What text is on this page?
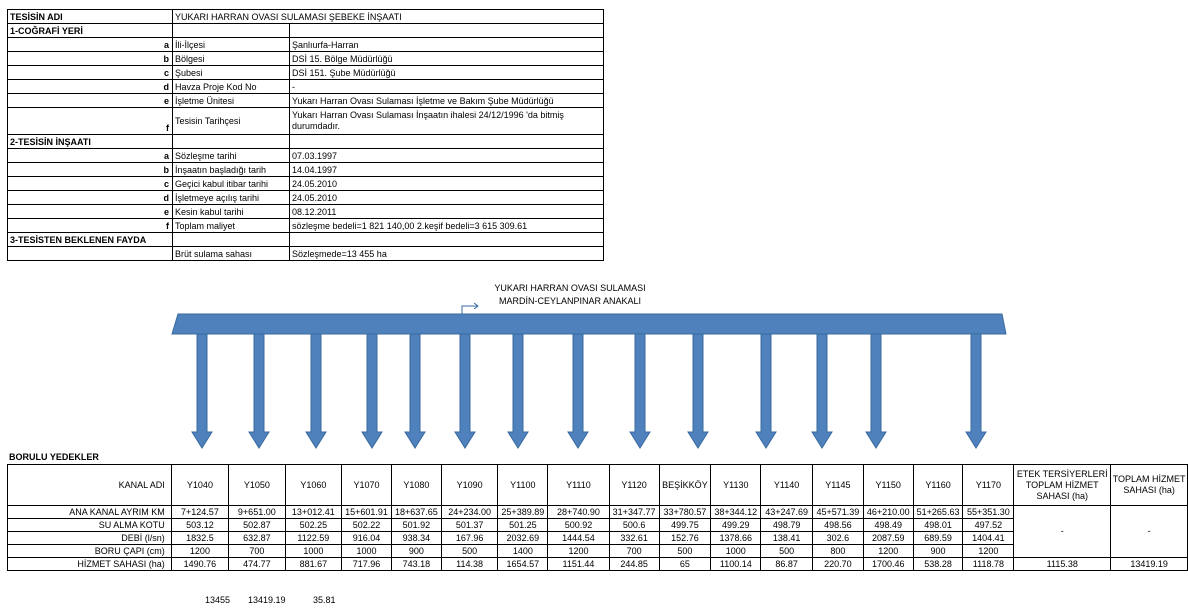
TESİSİN ADI	YUKARI HARRAN OVASI SULAMASI ŞEBEKE İNŞAATI	
1-COĞRAFİ YERİ		
a	İli-İlçesi	Şanlıurfa-Harran
b	Bölgesi	DSİ 15. Bölge Müdürlüğü
c	Şubesi	DSİ 151. Şube Müdürlüğü
d	Havza Proje Kod No	-
e	İşletme Ünitesi	Yukarı Harran Ovası Sulaması İşletme ve Bakım Şube Müdürlüğü
f	Tesisin Tarihçesi	Yukarı Harran Ovası Sulaması İnşaatın ihalesi 24/12/1996 'da bitmiş durumdadır.
2-TESİSİN İNŞAATI		
a	Sözleşme tarihi	07.03.1997
b	İnşaatın başladığı tarih	14.04.1997
c	Geçici kabul itibar tarihi	24.05.2010
d	İşletmeye açılış tarihi	24.05.2010
e	Kesin kabul tarihi	08.12.2011
f	Toplam maliyet	sözleşme bedeli=1 821 140,00 2.keşif bedeli=3 615 309.61
3-TESİSTEN BEKLENEN FAYDA		
	Brüt sulama sahası	Sözleşmede=13 455 ha
YUKARI HARRAN OVASI SULAMASI
MARDİN-CEYLANPINAR ANAKALI
BORULU YEDEKLER
KANAL ADI	Y1040	Y1050	Y1060	Y1070	Y1080	Y1090	Y1100	Y1110	Y1120	BEŞİKKÖY	Y1130	Y1140	Y1145	Y1150	Y1160	Y1170	ETEK TERSİYERLERİ TOPLAM HİZMET SAHASI (ha)	TOPLAM HİZMET SAHASI (ha)
ANA KANAL AYRIM KM	7+124.57	9+651.00	13+012.41	15+601.91	18+637.65	24+234.00	25+389.89	28+740.90	31+347.77	33+780.57	38+344.12	43+247.69	45+571.39	46+210.00	51+265.63	55+351.30	-	-
SU ALMA KOTU	503.12	502.87	502.25	502.22	501.92	501.37	501.25	500.92	500.6	499.75	499.29	498.79	498.56	498.49	498.01	497.52		
DEBİ (l/sn)	1832.5	632.87	1122.59	916.04	938.34	167.96	2032.69	1444.54	332.61	152.76	1378.66	138.41	302.6	2087.59	689.59	1404.41		
BORU ÇAPI (cm)	1200	700	1000	1000	900	500	1400	1200	700	500	1000	500	800	1200	900	1200		
HİZMET SAHASI (ha)	1490.76	474.77	881.67	717.96	743.18	114.38	1654.57	1151.44	244.85	65	1100.14	86.87	220.70	1700.46	538.28	1118.78	1115.38	13419.19
13455 13419.19	35.81
